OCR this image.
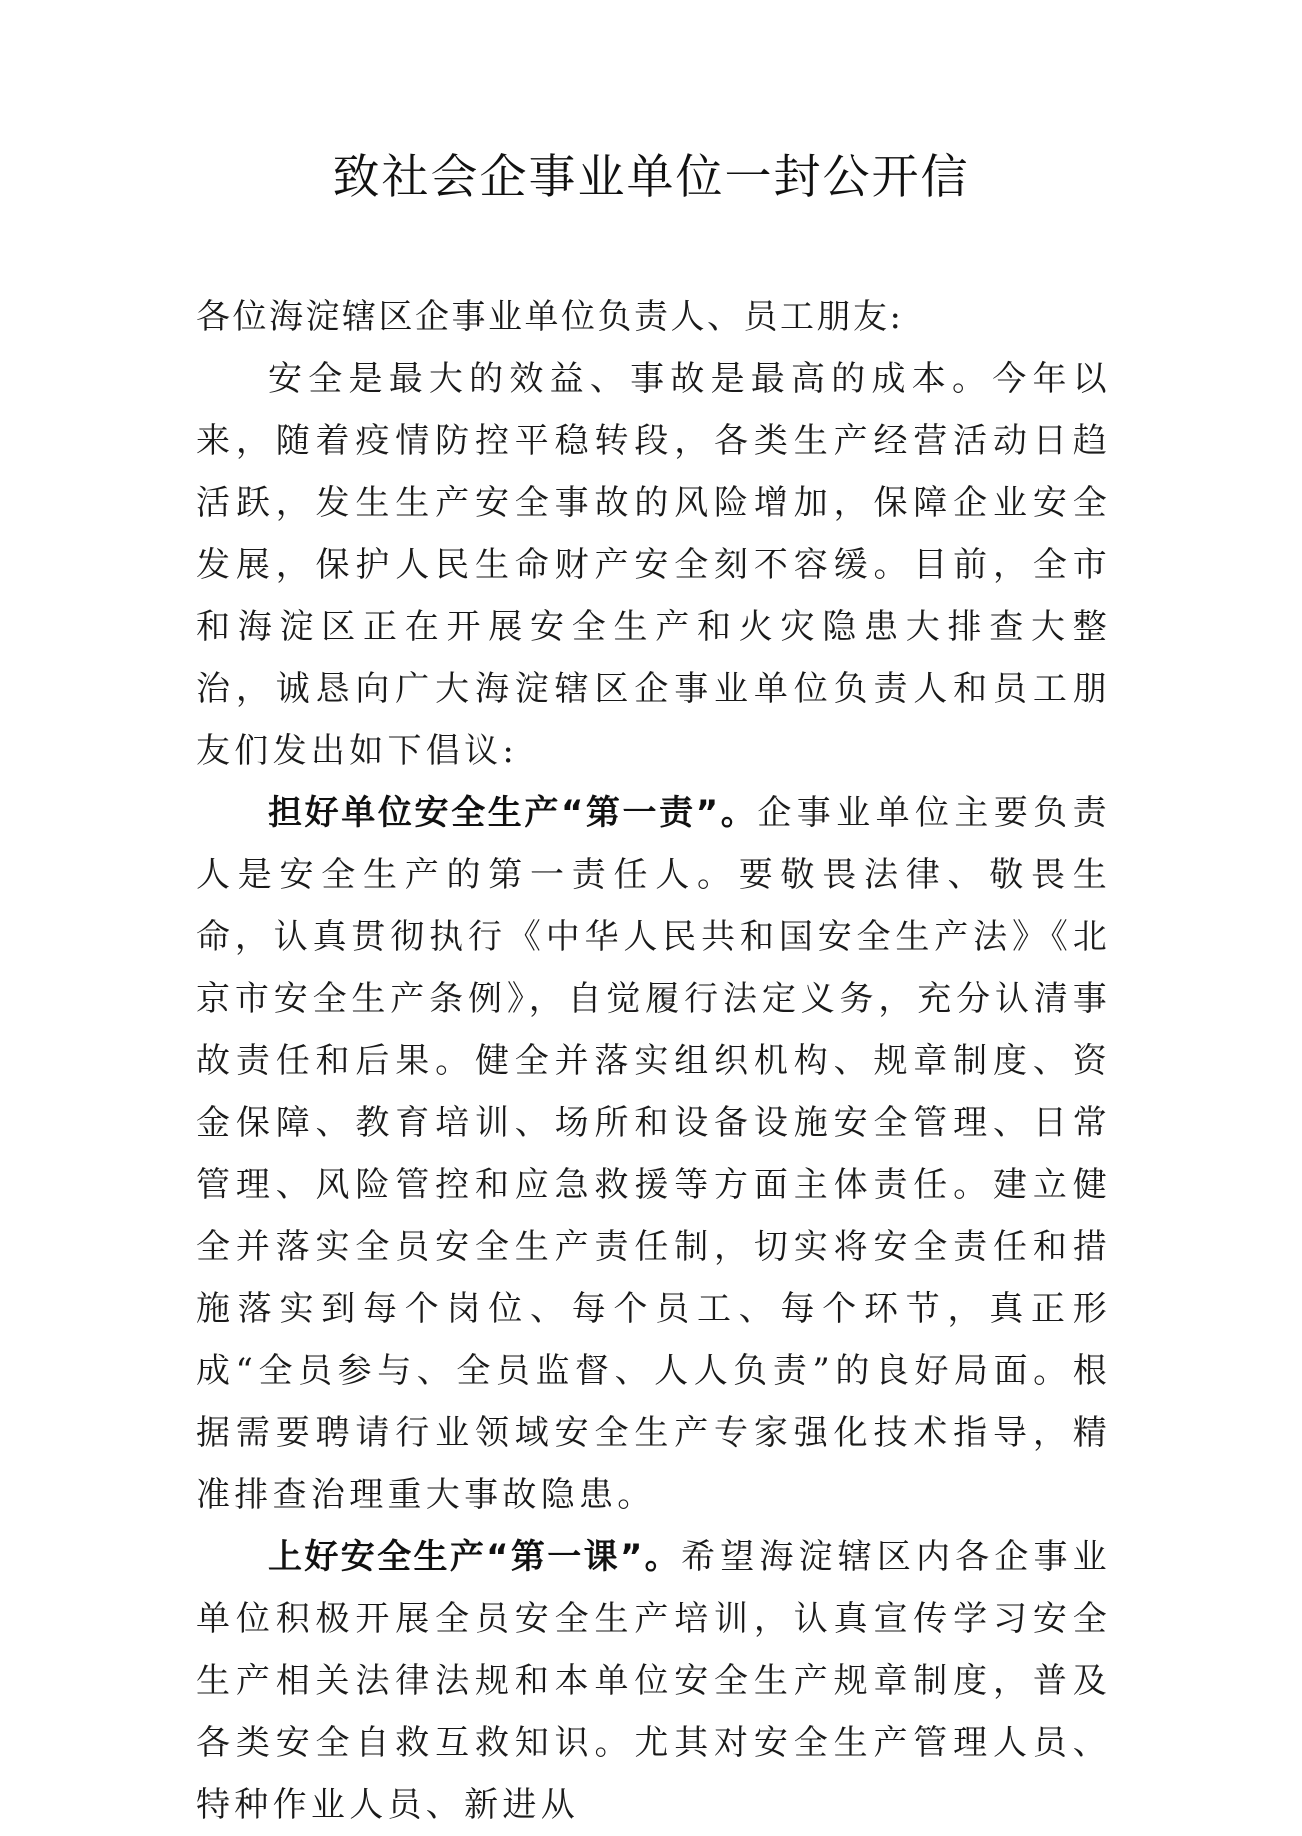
致社会企事业单位一封公开信

各位海淀辖区企事业单位负责人、员工朋友:

安全是最大的效益、事故是最高的成本。今年以来，随着疫情防控平稳转段，各类生产经营活动日趋活跃，发生生产安全事故的风险增加，保障企业安全发展，保护人民生命财产安全刻不容缓。目前，全市和海淀区正在开展安全生产和火灾隐患大排查大整治，诚恳向广大海淀辖区企事业单位负责人和员工朋友们发出如下倡议:

担好单位安全生产“第一责”。企事业单位主要负责人是安全生产的第一责任人。要敬畏法律、敬畏生命，认真贯彻执行《中华人民共和国安全生产法》《北京市安全生产条例》，自觉履行法定义务，充分认清事故责任和后果。健全并落实组织机构、规章制度、资金保障、教育培训、场所和设备设施安全管理、日常管理、风险管控和应急救援等方面主体责任。建立健全并落实全员安全生产责任制，切实将安全责任和措施落实到每个岗位、每个员工、每个环节，真正形成“全员参与、全员监督、人人负责”的良好局面。根据需要聘请行业领域安全生产专家强化技术指导，精准排查治理重大事故隐患。

上好安全生产“第一课”。希望海淀辖区内各企事业单位积极开展全员安全生产培训，认真宣传学习安全生产相关法律法规和本单位安全生产规章制度，普及各类安全自救互救知识。尤其对安全生产管理人员、特种作业人员、新进从
